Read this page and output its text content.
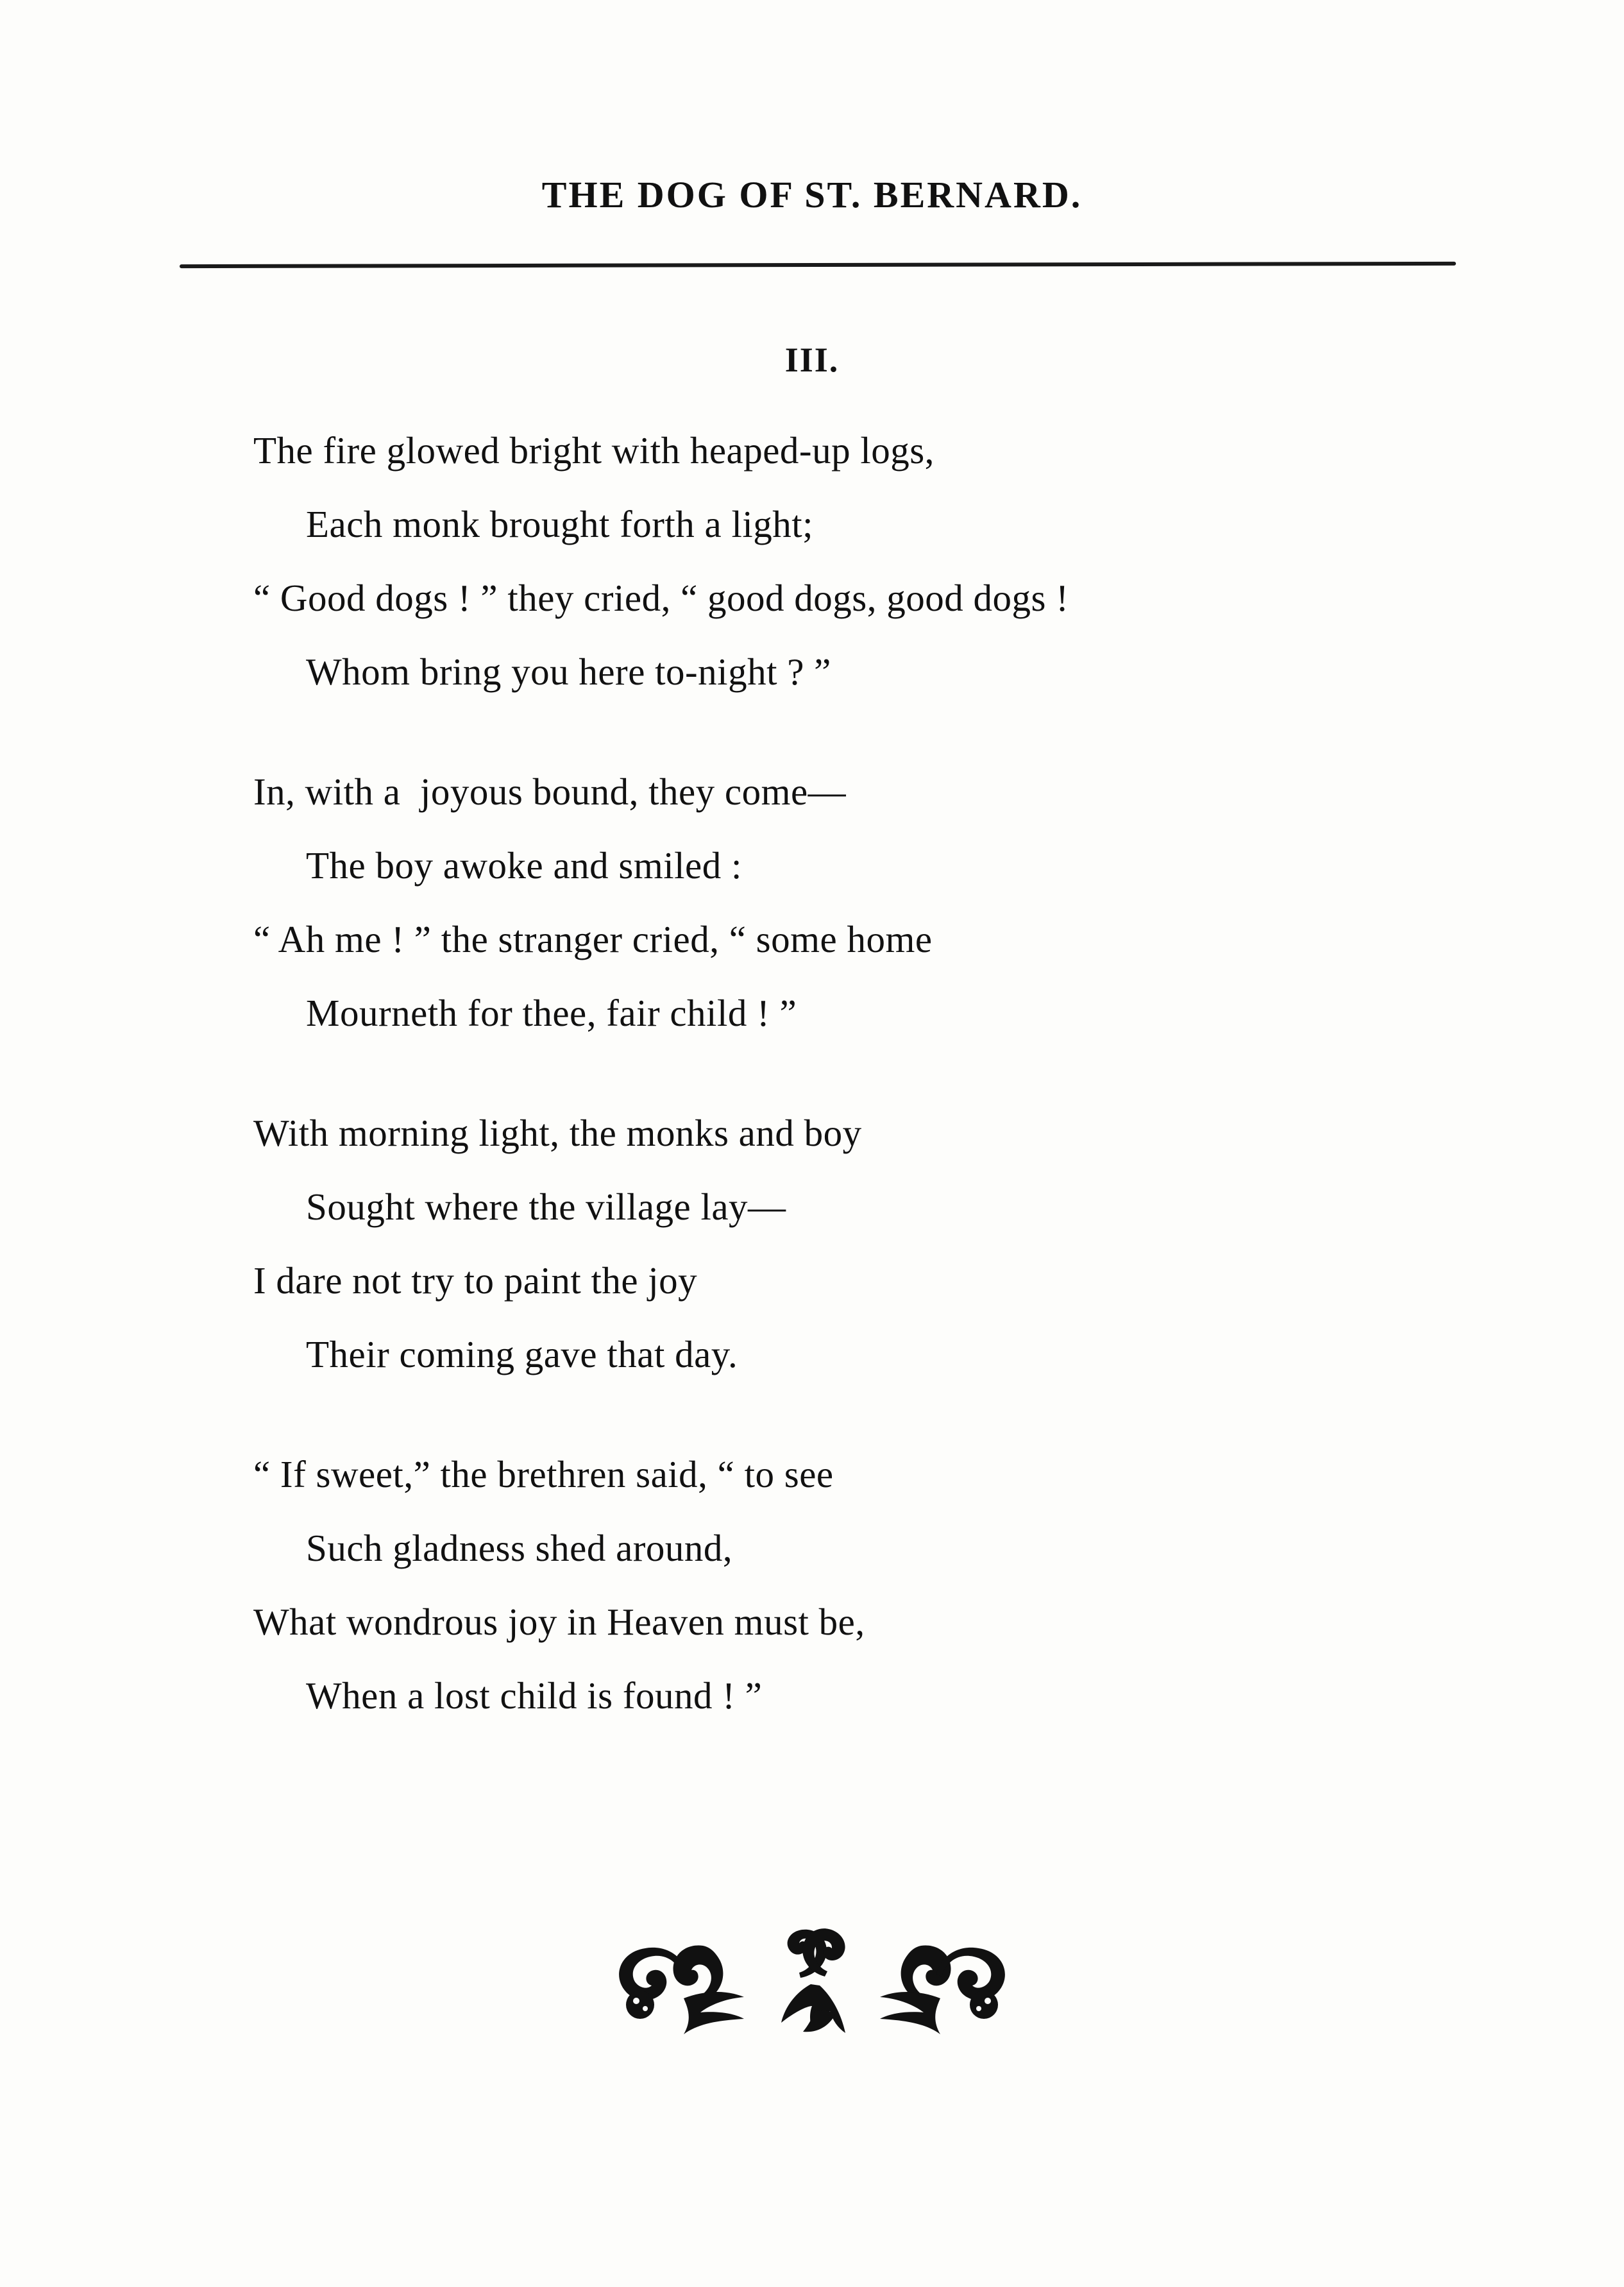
THE DOG OF ST. BERNARD.
III.
The fire glowed bright with heaped-up logs,
Each monk brought forth a light;
“ Good dogs ! ” they cried, “ good dogs, good dogs !
Whom bring you here to-night ? ”
In, with a  joyous bound, they come—
The boy awoke and smiled :
“ Ah me ! ” the stranger cried, “ some home
Mourneth for thee, fair child ! ”
With morning light, the monks and boy
Sought where the village lay—
I dare not try to paint the joy
Their coming gave that day.
“ If sweet,” the brethren said, “ to see
Such gladness shed around,
What wondrous joy in Heaven must be,
When a lost child is found ! ”
